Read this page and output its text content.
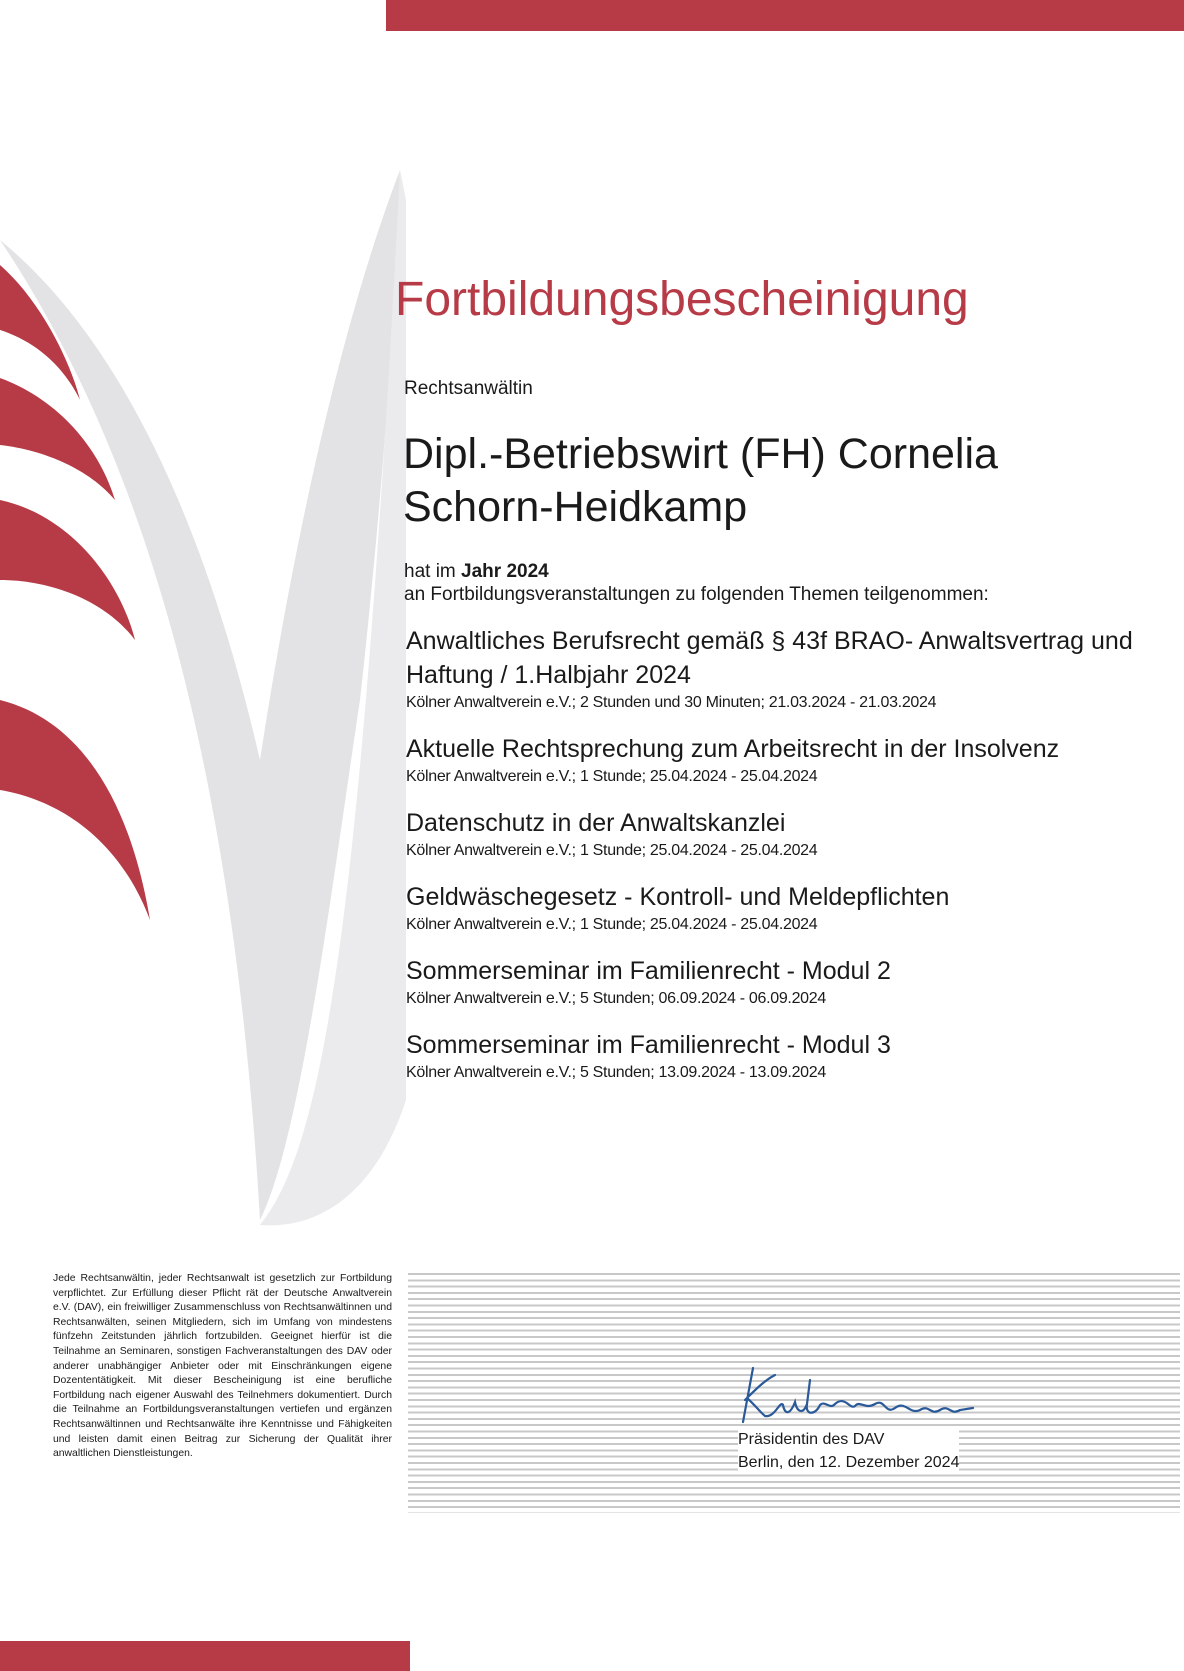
Fortbildungsbescheinigung
Rechtsanwältin
Dipl.-Betriebswirt (FH) Cornelia Schorn-Heidkamp
hat im Jahr 2024
an Fortbildungsveranstaltungen zu folgenden Themen teilgenommen:
Anwaltliches Berufsrecht gemäß § 43f BRAO- Anwaltsvertrag und Haftung / 1.Halbjahr 2024
Kölner Anwaltverein e.V.; 2 Stunden und 30 Minuten; 21.03.2024 - 21.03.2024
Aktuelle Rechtsprechung zum Arbeitsrecht in der Insolvenz
Kölner Anwaltverein e.V.; 1 Stunde; 25.04.2024 - 25.04.2024
Datenschutz in der Anwaltskanzlei
Kölner Anwaltverein e.V.; 1 Stunde; 25.04.2024 - 25.04.2024
Geldwäschegesetz - Kontroll- und Meldepflichten
Kölner Anwaltverein e.V.; 1 Stunde; 25.04.2024 - 25.04.2024
Sommerseminar im Familienrecht - Modul 2
Kölner Anwaltverein e.V.; 5 Stunden; 06.09.2024 - 06.09.2024
Sommerseminar im Familienrecht - Modul 3
Kölner Anwaltverein e.V.; 5 Stunden; 13.09.2024 - 13.09.2024
Jede Rechtsanwältin, jeder Rechtsanwalt ist gesetzlich zur Fortbildung verpflichtet. Zur Erfüllung dieser Pflicht rät der Deutsche Anwaltverein e.V. (DAV), ein freiwilliger Zusammenschluss von Rechtsanwältinnen und Rechtsanwälten, seinen Mitgliedern, sich im Umfang von mindestens fünfzehn Zeitstunden jährlich fortzubilden. Geeignet hierfür ist die Teilnahme an Seminaren, sonstigen Fachveranstaltungen des DAV oder anderer unabhängiger Anbieter oder mit Einschränkungen eigene Dozententätigkeit. Mit dieser Bescheinigung ist eine berufliche Fortbildung nach eigener Auswahl des Teilnehmers dokumentiert. Durch die Teilnahme an Fortbildungsveranstaltungen vertiefen und ergänzen Rechtsanwältinnen und Rechtsanwälte ihre Kenntnisse und Fähigkeiten und leisten damit einen Beitrag zur Sicherung der Qualität ihrer anwaltlichen Dienstleistungen.
Präsidentin des DAV
Berlin, den 12. Dezember 2024
